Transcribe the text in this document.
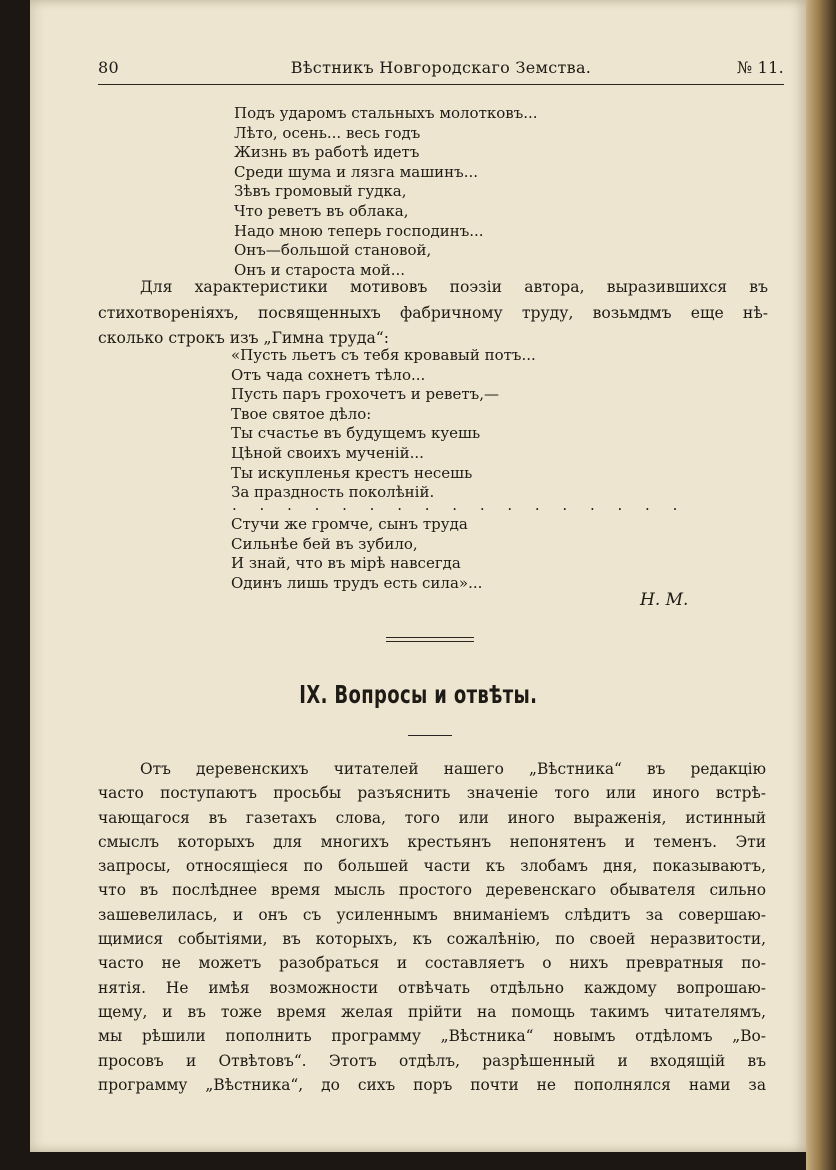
80	Вѣстникъ Новгородскаго Земства.	№ 11.
Подъ ударомъ стальныхъ молотковъ...
Лѣто, осень... весь годъ
Жизнь въ работѣ идетъ
Среди шума и лязга машинъ...
Зѣвъ громовый гудка,
Что реветъ въ облака,
Надо мною теперь господинъ...
Онъ—большой становой,
Онъ и староста мой...
Для характеристики мотивовъ поэзіи автора, выразившихся въ
стихотвореніяхъ, посвященныхъ фабричному труду, возьмдмъ еще нѣ-
сколько строкъ изъ „Гимна труда“:
«Пусть льетъ съ тебя кровавый потъ...
Отъ чада сохнетъ тѣло...
Пусть паръ грохочетъ и реветъ,—
Твое святое дѣло:
Ты счастье въ будущемъ куешь
Цѣной своихъ мученій...
Ты искупленья крестъ несешь
За праздность поколѣній.
. . . . . . . . . . . . . . . . .
Стучи же громче, сынъ труда
Сильнѣе бей въ зубило,
И знай, что въ мірѣ навсегда
Одинъ лишь трудъ есть сила»...
Н. М.
IX. Вопросы и отвѣты.
Отъ деревенскихъ читателей нашего „Вѣстника“ въ редакцію
часто поступаютъ просьбы разъяснить значеніе того или иного встрѣ-
чающагося въ газетахъ слова, того или иного выраженія, истинный
смыслъ которыхъ для многихъ крестьянъ непонятенъ и теменъ. Эти
запросы, относящіеся по большей части къ злобамъ дня, показываютъ,
что въ послѣднее время мысль простого деревенскаго обывателя сильно
зашевелилась, и онъ съ усиленнымъ вниманіемъ слѣдитъ за совершаю-
щимися событіями, въ которыхъ, къ сожалѣнію, по своей неразвитости,
часто не можетъ разобраться и составляетъ о нихъ превратныя по-
нятія. Не имѣя возможности отвѣчать отдѣльно каждому вопрошаю-
щему, и въ тоже время желая прійти на помощь такимъ читателямъ,
мы рѣшили пополнить программу „Вѣстника“ новымъ отдѣломъ „Во-
просовъ и Отвѣтовъ“. Этотъ отдѣлъ, разрѣшенный и входящій въ
программу „Вѣстника“, до сихъ поръ почти не пополнялся нами за
